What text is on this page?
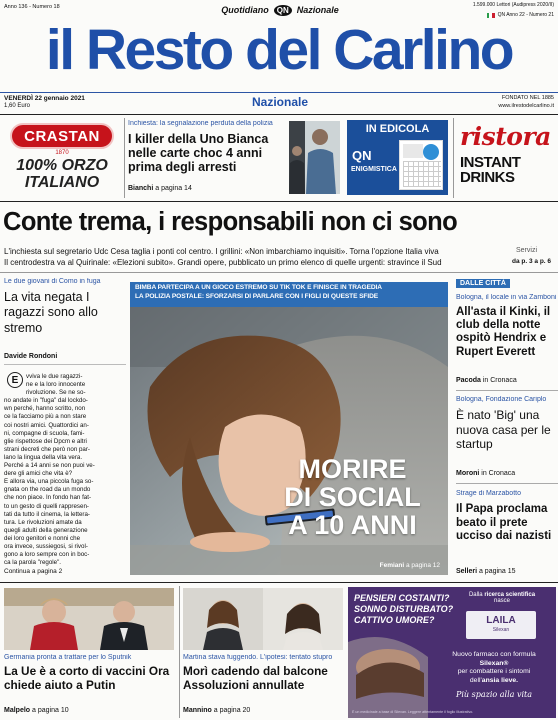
Anno 136 - Numero 18	Quotidiano	QN Nazionale	1.599.000 Lettori (Audipress 2020/II)
QN Anno 22 - Numero 21
il Resto del Carlino
VENERDÌ 22 gennaio 2021
1,60 Euro	Nazionale	FONDATO NEL 1885
www.ilrestodelcarlino.it
CRASTAN
1870
100% ORZO
ITALIANO
Inchiesta: la segnalazione perduta della polizia
I killer della Uno Bianca nelle carte choc 4 anni prima degli arresti
Bianchi a pagina 14
IN EDICOLA
QN
ENIGMISTICA
ristora
INSTANT DRINKS
Conte trema, i responsabili non ci sono
L'inchiesta sul segretario Udc Cesa taglia i ponti col centro. I grillini: «Non imbarchiamo inquisiti». Torna l'opzione Italia viva
Il centrodestra va al Quirinale: «Elezioni subito». Grandi opere, pubblicato un primo elenco di quelle urgenti: stravince il Sud
Servizi
da p. 3 a p. 6
Le due giovani di Como in fuga
La vita negata I ragazzi sono allo stremo
Davide Rondoni
E	vviva le due ragazzi-
ne e la loro innocente
rivoluzione. Se ne so-
no andate in "fuga" dal lockdo-
wn perché, hanno scritto, non
ce la facciamo più a non stare
coi nostri amici. Quattordici an-
ni, compagne di scuola, fami-
glie rispettose dei Dpcm e altri
strani decreti che però non par-
lano la lingua della vita vera.
Perché a 14 anni se non puoi ve-
dere gli amici che vita è?
E allora via, una piccola fuga so-
gnata on the road da un mondo
che non piace. In fondo han fat-
to un gesto di quelli rappresen-
tati da tutto il cinema, la lettera-
tura. Le rivoluzioni amate da
quegli adulti della generazione
dei loro genitori e nonni che
ora invece, sussiegosi, si rivol-
gono a loro sempre con in boc-
ca la parola "regole".
Continua a pagina 2
BIMBA PARTECIPA A UN GIOCO ESTREMO SU TIK TOK E FINISCE IN TRAGEDIA
LA POLIZIA POSTALE: SFORZARSI DI PARLARE CON I FIGLI DI QUESTE SFIDE
MORIRE
DI SOCIAL
A 10 ANNI
Femiani a pagina 12
DALLE CITTÀ
Bologna, il locale in via Zamboni
All'asta il Kinki, il club della notte ospitò Hendrix e Rupert Everett
Pacoda in Cronaca
Bologna, Fondazione Cariplo
È nato 'Big' una nuova casa per le startup
Moroni in Cronaca
Strage di Marzabotto
Il Papa proclama beato il prete ucciso dai nazisti
Selleri a pagina 15
Germania pronta a trattare per lo Sputnik
La Ue è a corto di vaccini Ora chiede aiuto a Putin
Malpelo a pagina 10
Martina stava fuggendo. L'ipotesi: tentato stupro
Morì cadendo dal balcone Assoluzioni annullate
Mannino a pagina 20
PENSIERI COSTANTI?
SONNO DISTURBATO?
CATTIVO UMORE?
Dalla ricerca scientifica
nasce
LAILA
Silexan
Nuovo farmaco con formula
Silexan®
per combattere i sintomi
dell'ansia lieve.
Più spazio alla vita
È un medicinale a base di Silexan. Leggere attentamente il foglio illustrativo.
